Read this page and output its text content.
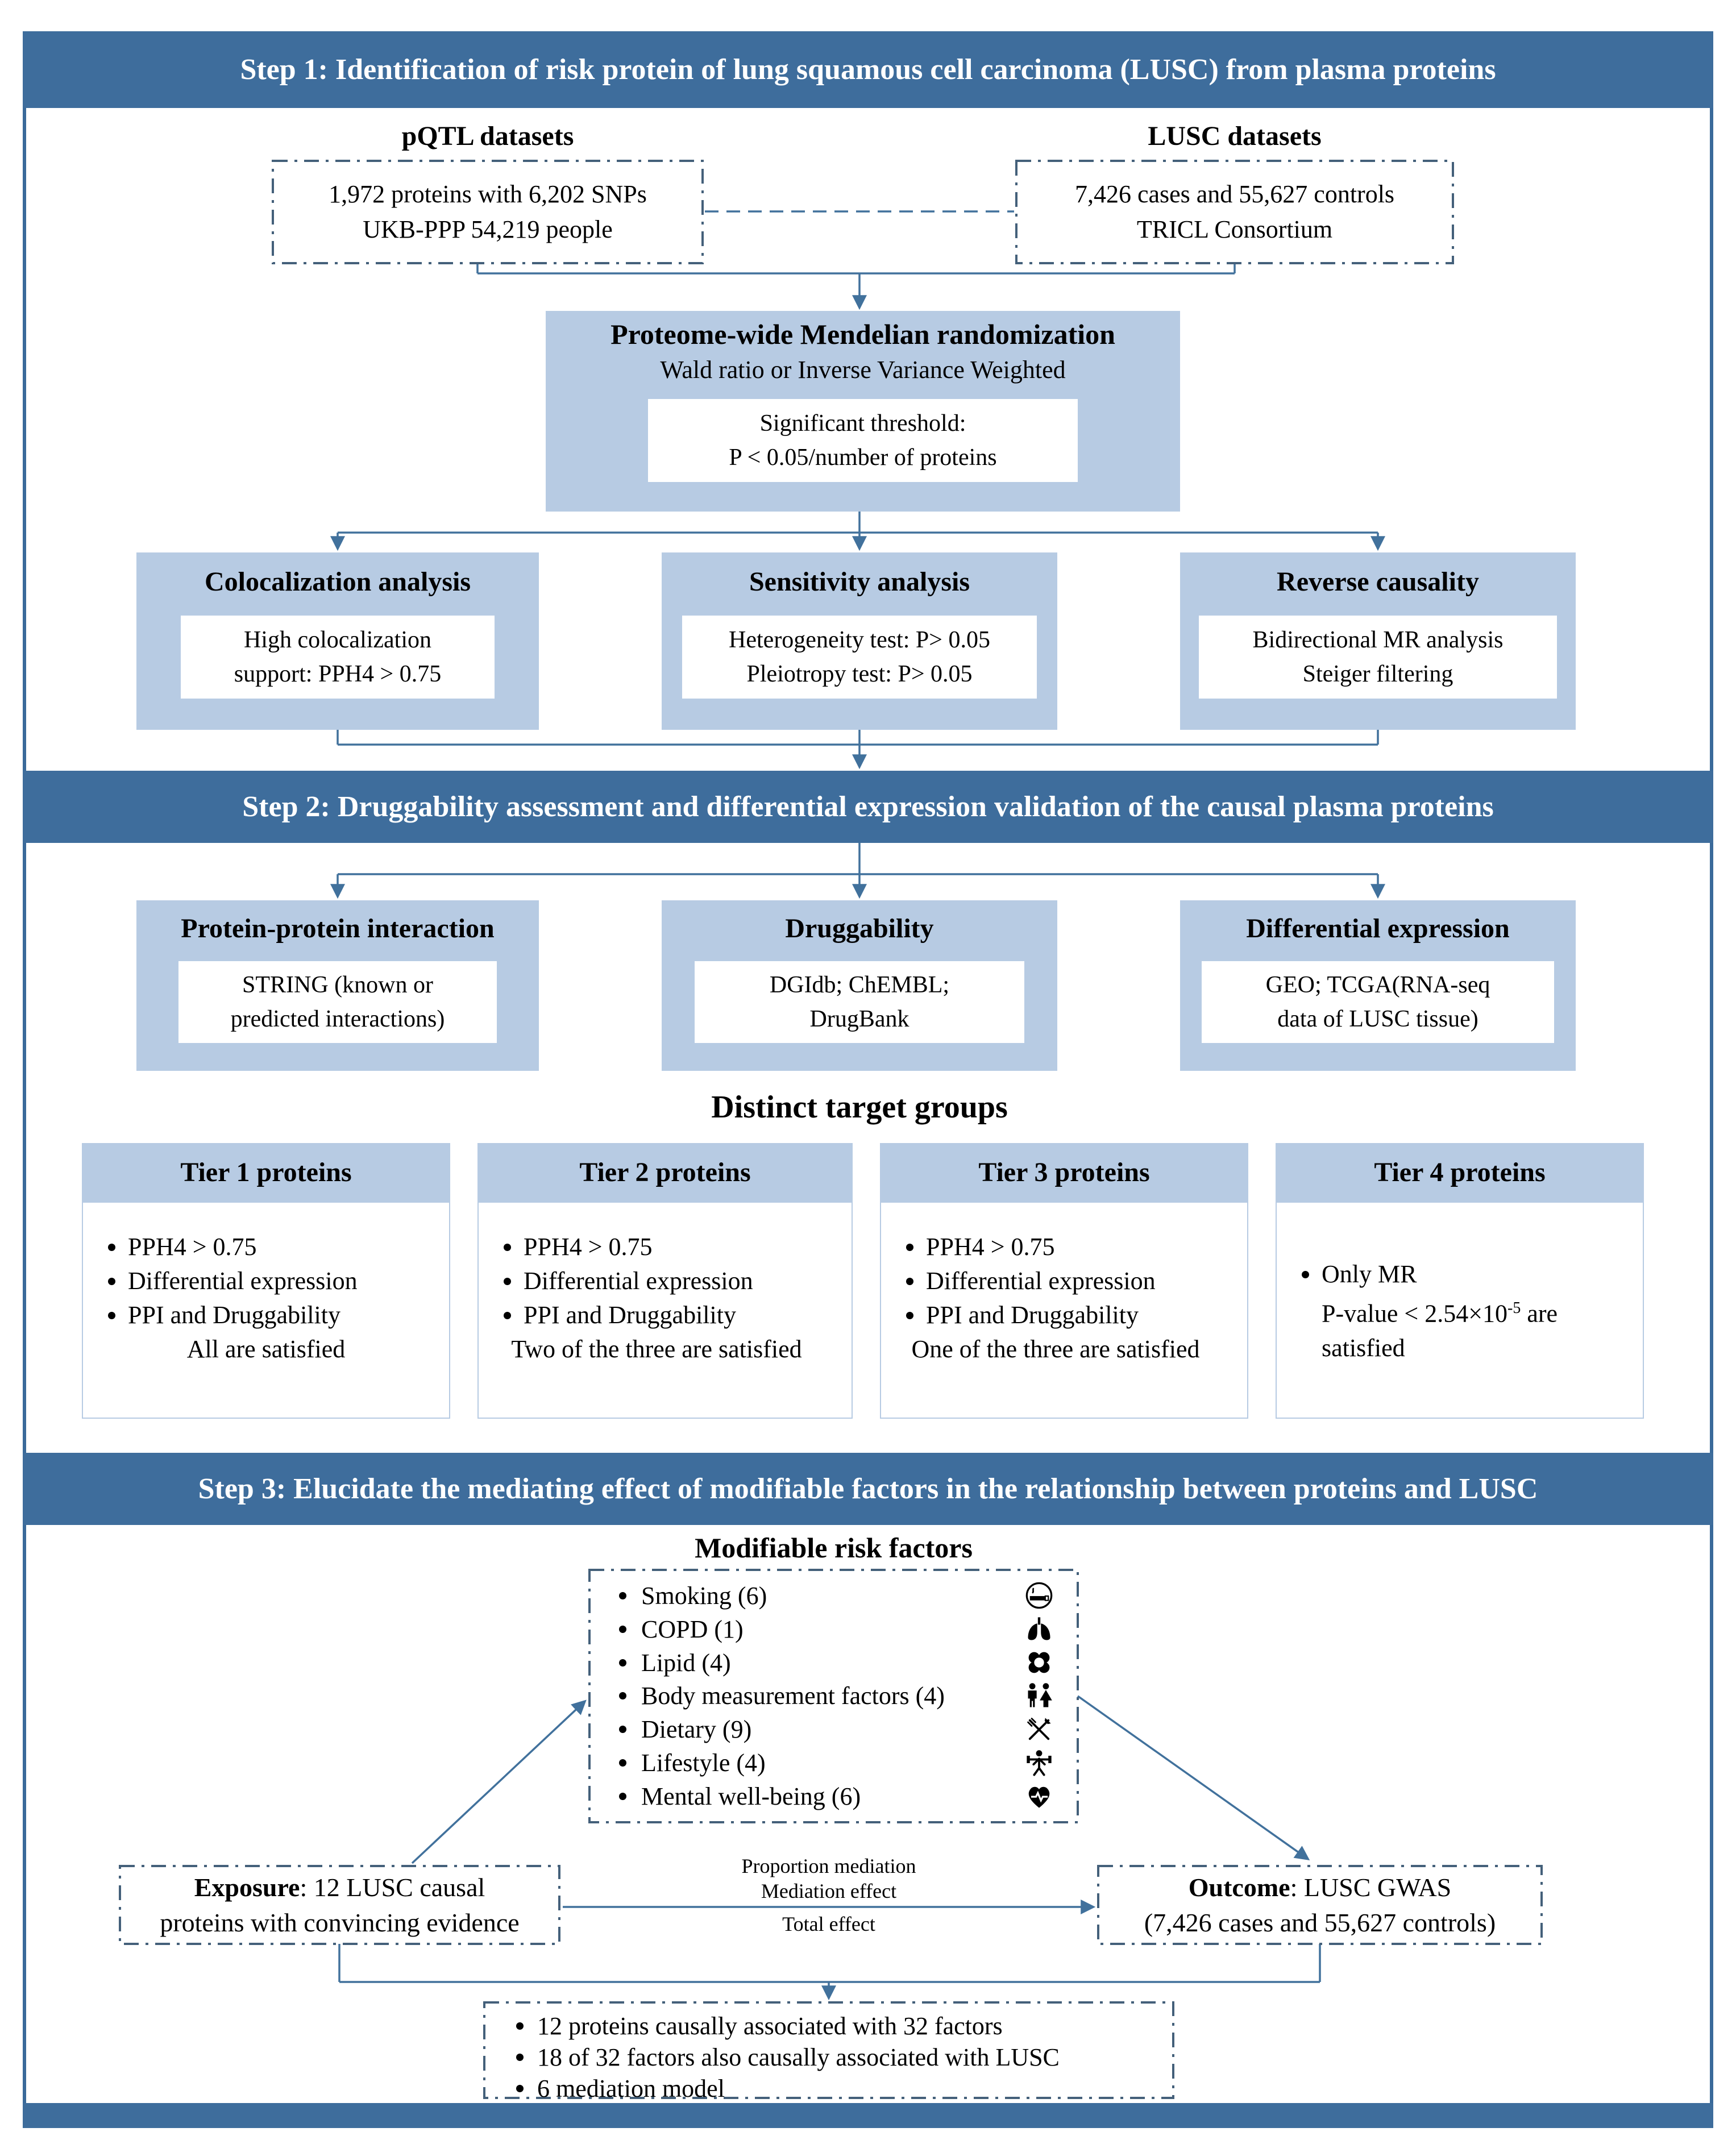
Step 1: Identification of risk protein of lung squamous cell carcinoma (LUSC) from plasma proteins
pQTL datasets	LUSC datasets
1,972 proteins with 6,202 SNPs
UKB-PPP 54,219 people
7,426 cases and 55,627 controls
TRICL Consortium
Proteome-wide Mendelian randomization
Wald ratio or Inverse Variance Weighted
Significant threshold:
P < 0.05/number of proteins
Colocalization analysis
High colocalization
support: PPH4 > 0.75
Sensitivity analysis
Heterogeneity test: P> 0.05
Pleiotropy test: P> 0.05
Reverse causality
Bidirectional MR analysis
Steiger filtering
Step 2: Druggability assessment and differential expression validation of the causal plasma proteins
Protein-protein interaction
STRING (known or
predicted interactions)
Druggability
DGIdb; ChEMBL;
DrugBank
Differential expression
GEO; TCGA(RNA-seq
data of LUSC tissue)
Distinct target groups
Tier 1 proteins
PPH4 > 0.75
Differential expression
PPI and Druggability
All are satisfied
Tier 2 proteins
PPH4 > 0.75
Differential expression
PPI and Druggability
Two of the three are satisfied
Tier 3 proteins
PPH4 > 0.75
Differential expression
PPI and Druggability
One of the three are satisfied
Tier 4 proteins
Only MR
P-value < $2.54\times 10^{-5}$ are
satisfied
Step 3: Elucidate the mediating effect of modifiable factors in the relationship between proteins and LUSC
Modifiable risk factors
Smoking (6)
COPD (1)
Lipid (4)
Body measurement factors (4)
Dietary (9)
Lifestyle (4)
Mental well-being (6)
Exposure: 12 LUSC causal
proteins with convincing evidence
Outcome: LUSC GWAS
(7,426 cases and 55,627 controls)
Proportion mediation
Mediation effect
Total effect
12 proteins causally associated with 32 factors
18 of 32 factors also causally associated with LUSC
6 mediation model
